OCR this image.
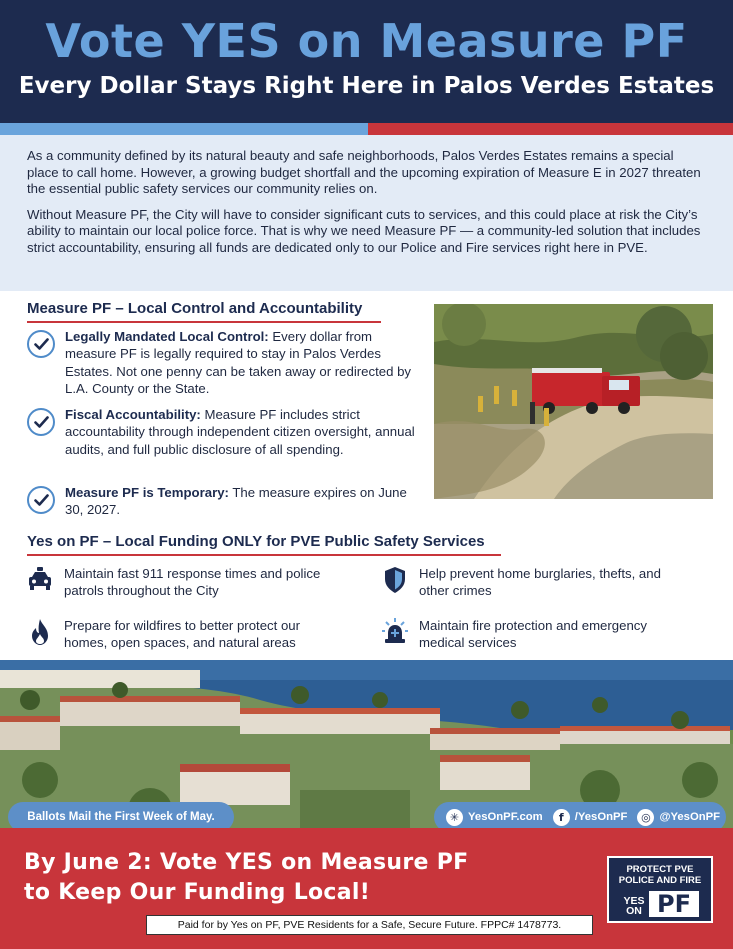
Vote YES on Measure PF
Every Dollar Stays Right Here in Palos Verdes Estates

As a community defined by its natural beauty and safe neighborhoods, Palos Verdes Estates remains a special place to call home. However, a growing budget shortfall and the upcoming expiration of Measure E in 2027 threaten the essential public safety services our community relies on.

Without Measure PF, the City will have to consider significant cuts to services, and this could place at risk the City’s ability to maintain our local police force. That is why we need Measure PF — a community-led solution that includes strict accountability, ensuring all funds are dedicated only to our Police and Fire services right here in PVE.

Measure PF – Local Control and Accountability
Legally Mandated Local Control: Every dollar from measure PF is legally required to stay in Palos Verdes Estates. Not one penny can be taken away or redirected by L.A. County or the State.
Fiscal Accountability: Measure PF includes strict accountability through independent citizen oversight, annual audits, and full public disclosure of all spending.
Measure PF is Temporary: The measure expires on June 30, 2027.
Yes on PF – Local Funding ONLY for PVE Public Safety Services
Maintain fast 911 response times and police patrols throughout the City
Help prevent home burglaries, thefts, and other crimes
Prepare for wildfires to better protect our homes, open spaces, and natural areas
Maintain fire protection and emergency medical services
Ballots Mail the First Week of May.	✳ YesOnPF.com	f /YesOnPF	◎ @YesOnPF
By June 2: Vote YES on Measure PF
to Keep Our Funding Local!
PROTECT PVE
POLICE AND FIRE
YES
ON PF
Paid for by Yes on PF, PVE Residents for a Safe, Secure Future. FPPC# 1478773.
